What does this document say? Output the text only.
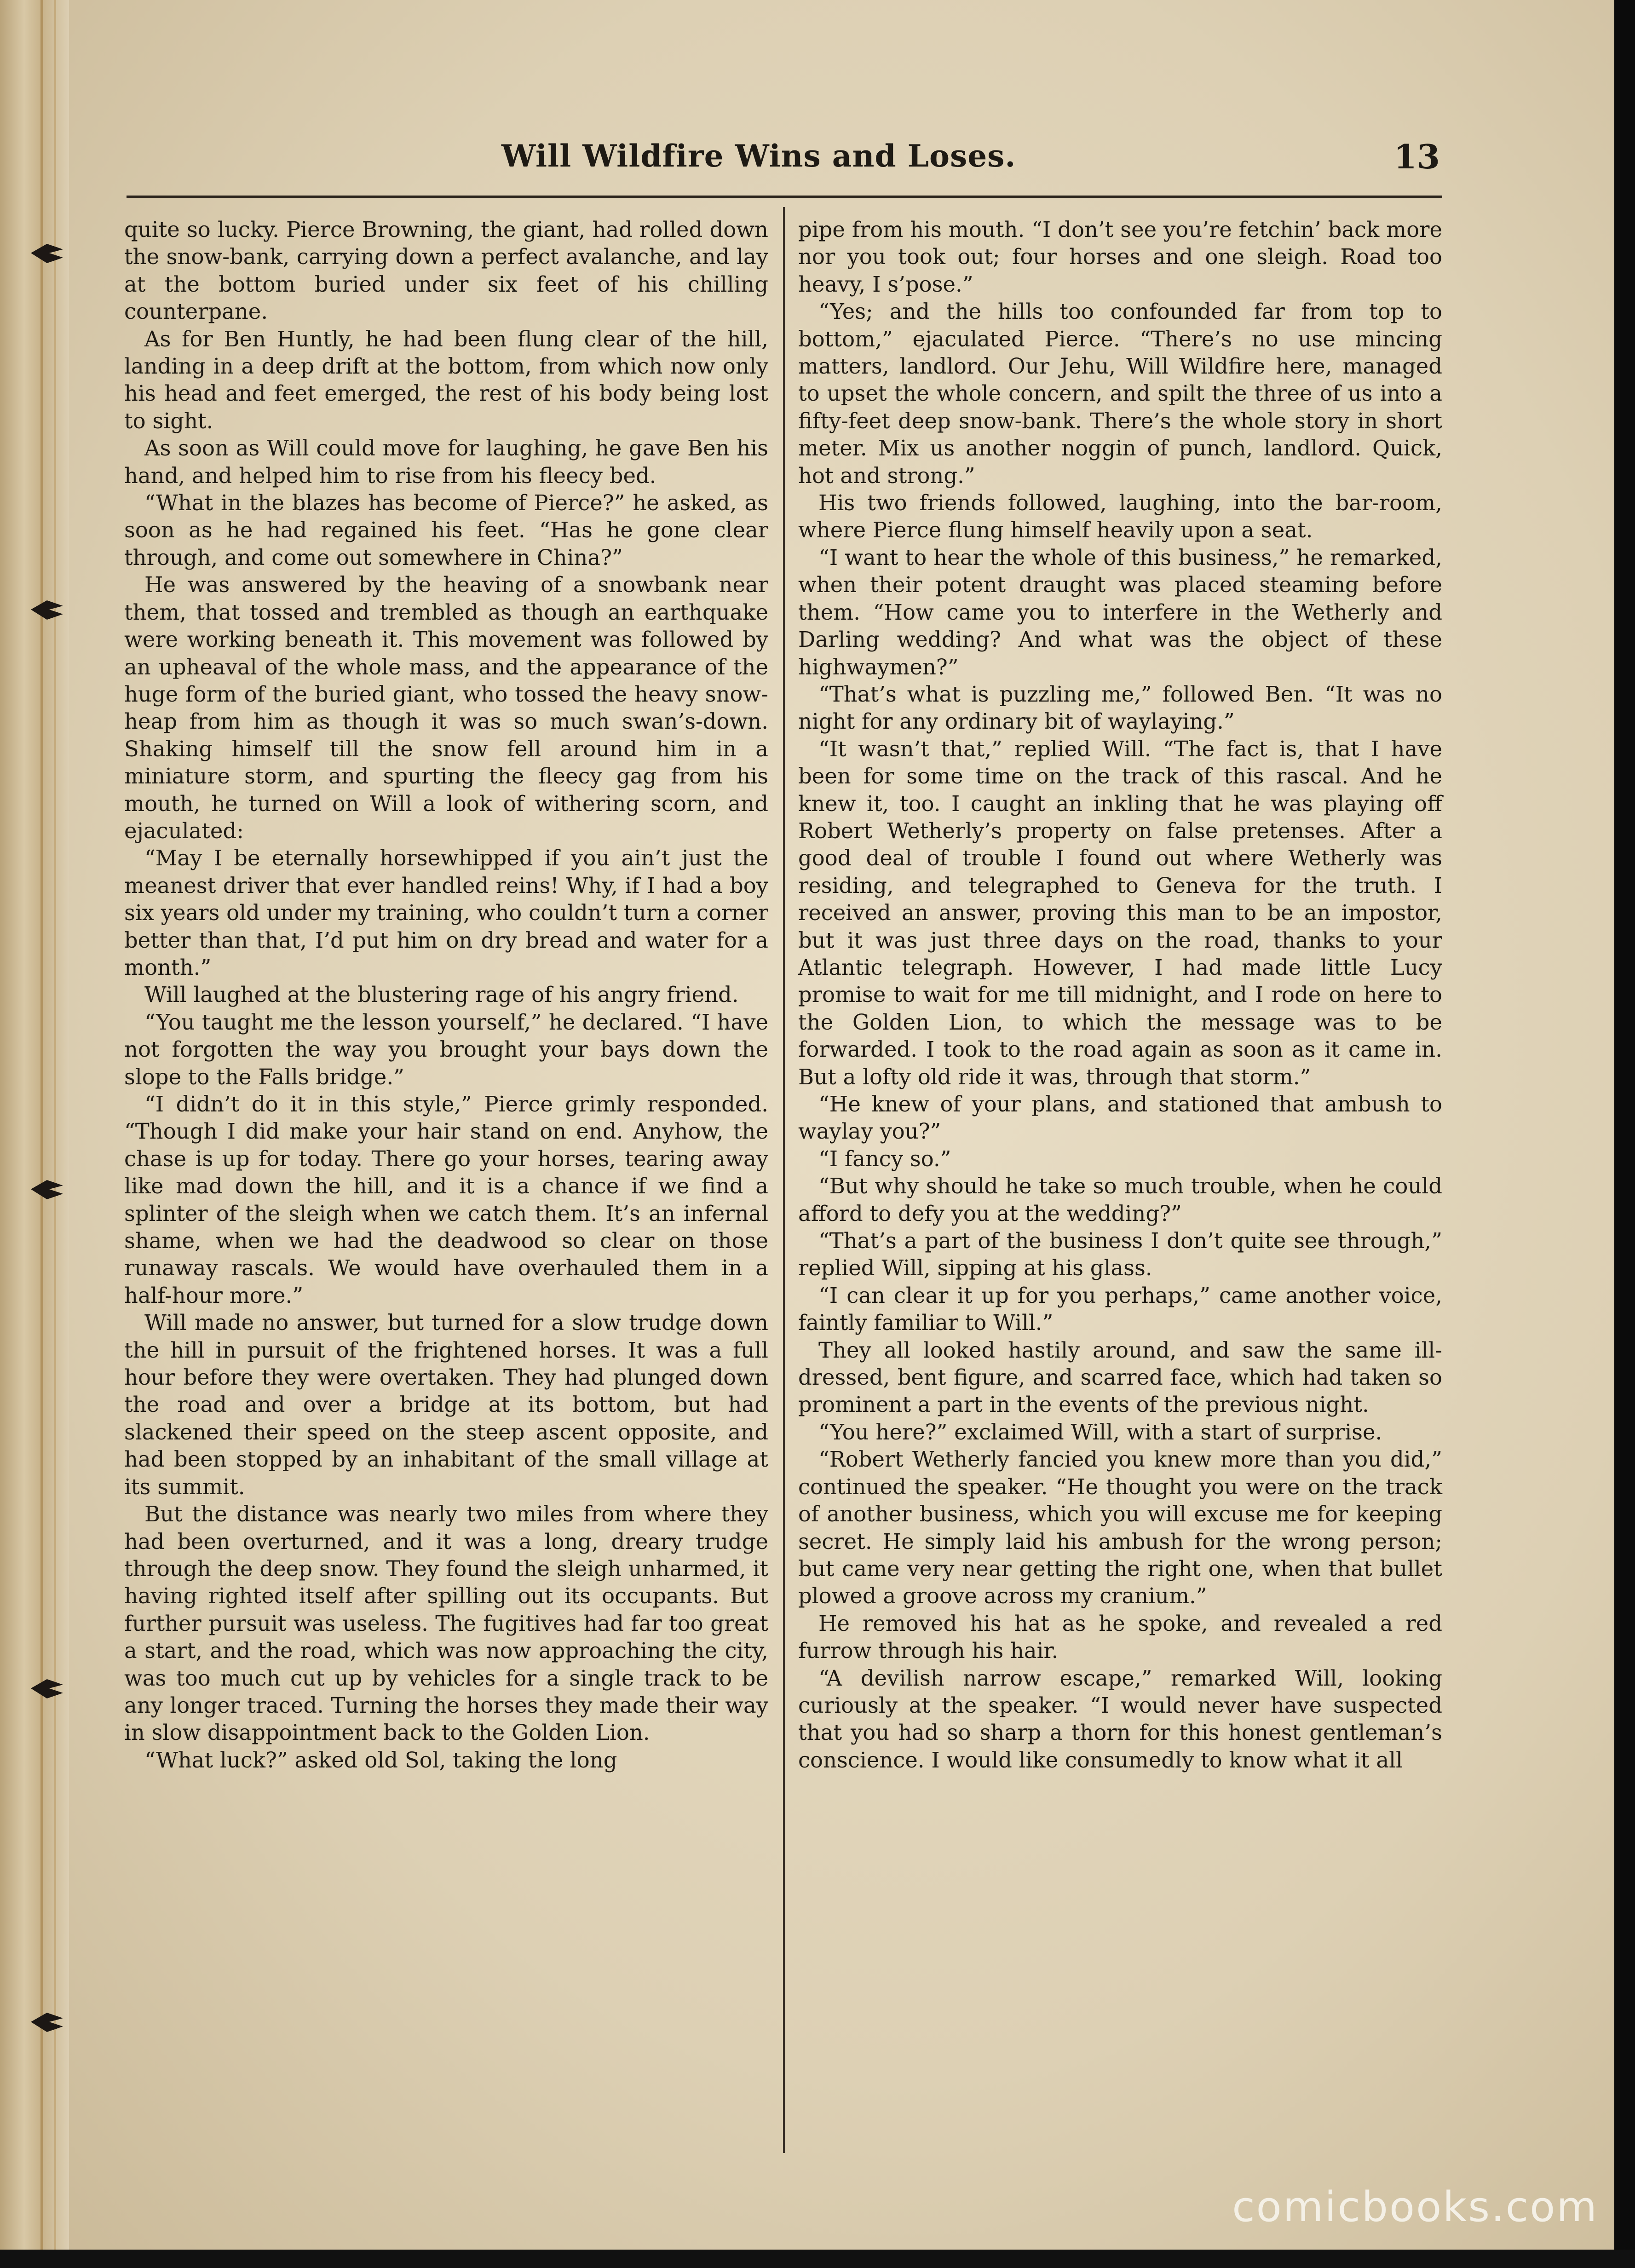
Will Wildfire Wins and Loses.	13

quite so lucky. Pierce Browning, the giant, had rolled down the snow-bank, carrying down a perfect avalanche, and lay at the bottom buried under six feet of his chilling counterpane.

As for Ben Huntly, he had been flung clear of the hill, landing in a deep drift at the bottom, from which now only his head and feet emerged, the rest of his body being lost to sight.

As soon as Will could move for laughing, he gave Ben his hand, and helped him to rise from his fleecy bed.

“What in the blazes has become of Pierce?” he asked, as soon as he had regained his feet. “Has he gone clear through, and come out somewhere in China?”

He was answered by the heaving of a snowbank near them, that tossed and trembled as though an earthquake were working beneath it. This movement was followed by an upheaval of the whole mass, and the appearance of the huge form of the buried giant, who tossed the heavy snow-heap from him as though it was so much swan’s-down. Shaking himself till the snow fell around him in a miniature storm, and spurting the fleecy gag from his mouth, he turned on Will a look of withering scorn, and ejaculated:

“May I be eternally horsewhipped if you ain’t just the meanest driver that ever handled reins! Why, if I had a boy six years old under my training, who couldn’t turn a corner better than that, I’d put him on dry bread and water for a month.”

Will laughed at the blustering rage of his angry friend.

“You taught me the lesson yourself,” he declared. “I have not forgotten the way you brought your bays down the slope to the Falls bridge.”

“I didn’t do it in this style,” Pierce grimly responded. “Though I did make your hair stand on end. Anyhow, the chase is up for today. There go your horses, tearing away like mad down the hill, and it is a chance if we find a splinter of the sleigh when we catch them. It’s an infernal shame, when we had the deadwood so clear on those runaway rascals. We would have overhauled them in a half-hour more.”

Will made no answer, but turned for a slow trudge down the hill in pursuit of the frightened horses. It was a full hour before they were overtaken. They had plunged down the road and over a bridge at its bottom, but had slackened their speed on the steep ascent opposite, and had been stopped by an inhabitant of the small village at its summit.

But the distance was nearly two miles from where they had been overturned, and it was a long, dreary trudge through the deep snow. They found the sleigh unharmed, it having righted itself after spilling out its occupants. But further pursuit was useless. The fugitives had far too great a start, and the road, which was now approaching the city, was too much cut up by vehicles for a single track to be any longer traced. Turning the horses they made their way in slow disappointment back to the Golden Lion.

“What luck?” asked old Sol, taking the long

pipe from his mouth. “I don’t see you’re fetchin’ back more nor you took out; four horses and one sleigh. Road too heavy, I s’pose.”

“Yes; and the hills too confounded far from top to bottom,” ejaculated Pierce. “There’s no use mincing matters, landlord. Our Jehu, Will Wildfire here, managed to upset the whole concern, and spilt the three of us into a fifty-feet deep snow-bank. There’s the whole story in short meter. Mix us another noggin of punch, landlord. Quick, hot and strong.”

His two friends followed, laughing, into the bar-room, where Pierce flung himself heavily upon a seat.

“I want to hear the whole of this business,” he remarked, when their potent draught was placed steaming before them. “How came you to interfere in the Wetherly and Darling wedding? And what was the object of these highwaymen?”

“That’s what is puzzling me,” followed Ben. “It was no night for any ordinary bit of waylaying.”

“It wasn’t that,” replied Will. “The fact is, that I have been for some time on the track of this rascal. And he knew it, too. I caught an inkling that he was playing off Robert Wetherly’s property on false pretenses. After a good deal of trouble I found out where Wetherly was residing, and telegraphed to Geneva for the truth. I received an answer, proving this man to be an impostor, but it was just three days on the road, thanks to your Atlantic telegraph. However, I had made little Lucy promise to wait for me till midnight, and I rode on here to the Golden Lion, to which the message was to be forwarded. I took to the road again as soon as it came in. But a lofty old ride it was, through that storm.”

“He knew of your plans, and stationed that ambush to waylay you?”

“I fancy so.”

“But why should he take so much trouble, when he could afford to defy you at the wedding?”

“That’s a part of the business I don’t quite see through,” replied Will, sipping at his glass.

“I can clear it up for you perhaps,” came another voice, faintly familiar to Will.”

They all looked hastily around, and saw the same ill-dressed, bent figure, and scarred face, which had taken so prominent a part in the events of the previous night.

“You here?” exclaimed Will, with a start of surprise.

“Robert Wetherly fancied you knew more than you did,” continued the speaker. “He thought you were on the track of another business, which you will excuse me for keeping secret. He simply laid his ambush for the wrong person; but came very near getting the right one, when that bullet plowed a groove across my cranium.”

He removed his hat as he spoke, and revealed a red furrow through his hair.

“A devilish narrow escape,” remarked Will, looking curiously at the speaker. “I would never have suspected that you had so sharp a thorn for this honest gentleman’s conscience. I would like consumedly to know what it all

comicbooks.com
